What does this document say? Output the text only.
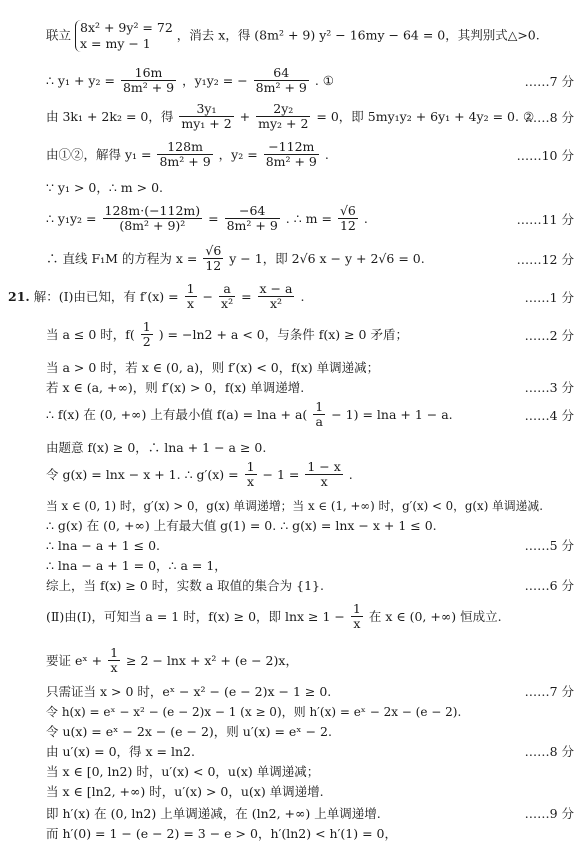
联立 8x² + 9y² = 72
x = my − 1
，消去 x，得 (8m² + 9) y² − 16my − 64 = 0，其判别式△>0.
∴ $y_1 + y_2 = \frac{16m}{\text{8m² + 9}}$ ，y₁y₂ = − $\frac{64}{\text{8m² + 9}}$ . ①	……7 分
由 3k₁ + 2k₂ = 0，得 $\frac{\text{3y₁}}{\text{my₁ + 2}} + \frac{\text{2y₂}}{\text{my₂ + 2}} = 0$，即 5my₁y₂ + 6y₁ + 4y₂ = 0. ②
……8 分
由①②，解得 $y_1 = \frac{128m}{\text{8m² + 9}}$ ，$y_2 = \frac{-112m}{\text{8m² + 9}}$ .	……10 分
∵ y₁ > 0，∴ m > 0.
∴ $y_1y_2 = \frac{128m\cdot(-112m)}{\text{(8m² + 9)²}} = \frac{-64}{\text{8m² + 9}}$ . ∴ $m = \frac{√6}{12}$ .	……11 分
∴ 直线 F₁M 的方程为 $x = \frac{√6}{12}$ y − 1，即 2√6 x − y + 2√6 = 0.	……12 分
21. 解：(Ⅰ)由已知，有 $f'(x) = \frac{1}{x} - \frac{a}{\text{x²}} = \frac{x - a}{\text{x²}}$ .	……1 分
当 a ≤ 0 时，$f( \frac{1}{2}$ ) = −ln2 + a < 0，与条件 f(x) ≥ 0 矛盾；	……2 分
当 a > 0 时，若 x ∈ (0, a)，则 f′(x) < 0，f(x) 单调递减；
若 x ∈ (a, +∞)，则 f′(x) > 0，f(x) 单调递增.	……3 分
∴ f(x) 在 (0, +∞) 上有最小值 $f(a) = \ln a + a( \frac{1}{a} - 1) = \ln a + 1 - a$.	……4 分
由题意 f(x) ≥ 0，∴ lna + 1 − a ≥ 0.
令 g(x) = lnx − x + 1. ∴ $g'(x) = \frac{1}{x} - 1 = \frac{1 - x}{x}$ .
当 x ∈ (0, 1) 时，g′(x) > 0，g(x) 单调递增；当 x ∈ (1, +∞) 时，g′(x) < 0，g(x) 单调递减.
∴ g(x) 在 (0, +∞) 上有最大值 g(1) = 0. ∴ g(x) = lnx − x + 1 ≤ 0.
∴ lna − a + 1 ≤ 0.	……5 分
∴ lna − a + 1 = 0，∴ a = 1，
综上，当 f(x) ≥ 0 时，实数 a 取值的集合为 {1}.	……6 分
(Ⅱ)由(Ⅰ)，可知当 a = 1 时，f(x) ≥ 0，即 $\ln x \ge 1 - \frac{1}{x}$ 在 x ∈ (0, +∞) 恒成立.
要证 eˣ + $\frac{1}{x} \ge 2 - \ln x + x^2 + (e - 2)x$，
只需证当 x > 0 时，eˣ − x² − (e − 2)x − 1 ≥ 0.	……7 分
令 h(x) = eˣ − x² − (e − 2)x − 1 (x ≥ 0)，则 h′(x) = eˣ − 2x − (e − 2).
令 u(x) = eˣ − 2x − (e − 2)，则 u′(x) = eˣ − 2.
由 u′(x) = 0，得 x = ln2.	……8 分
当 x ∈ [0, ln2) 时，u′(x) < 0，u(x) 单调递减；
当 x ∈ [ln2, +∞) 时，u′(x) > 0，u(x) 单调递增.
即 h′(x) 在 (0, ln2) 上单调递减，在 (ln2, +∞) 上单调递增.	……9 分
而 h′(0) = 1 − (e − 2) = 3 − e > 0，h′(ln2) < h′(1) = 0，
